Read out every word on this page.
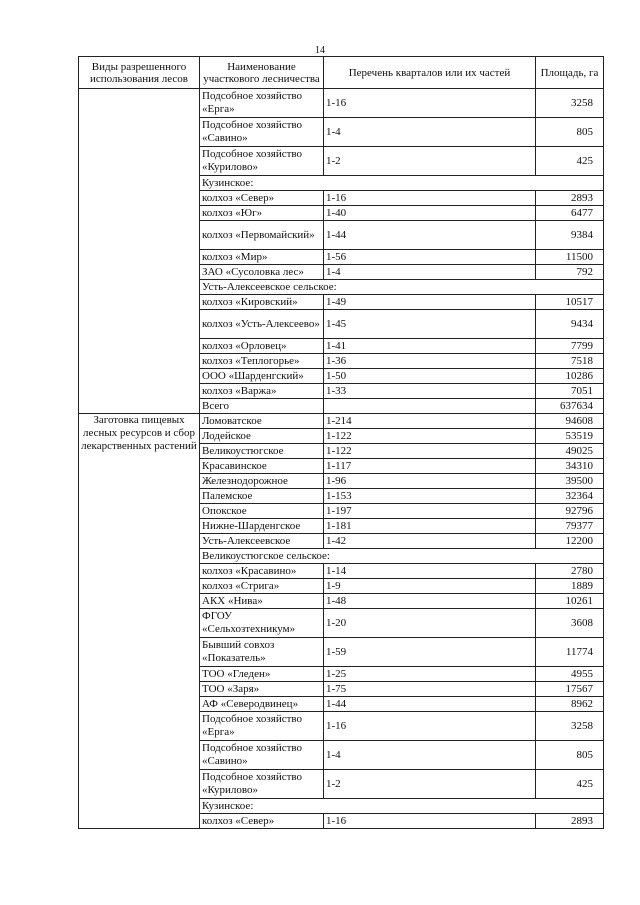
14
Виды разрешенного использования лесов	Наименование участкового лесничества	Перечень кварталов или их частей	Площадь, га
	Подсобное хозяйство «Ерга»	1-16	3258
	Подсобное хозяйство «Савино»	1-4	805
	Подсобное хозяйство «Курилово»	1-2	425
	Кузинское:		
	колхоз «Север»	1-16	2893
	колхоз «Юг»	1-40	6477
	колхоз «Первомайский»	1-44	9384
	колхоз «Мир»	1-56	11500
	ЗАО «Сусоловка лес»	1-4	792
	Усть-Алексеевское сельское:		
	колхоз «Кировский»	1-49	10517
	колхоз «Усть-Алексеево»	1-45	9434
	колхоз «Орловец»	1-41	7799
	колхоз «Теплогорье»	1-36	7518
	ООО «Шарденгский»	1-50	10286
	колхоз «Варжа»	1-33	7051
	Всего		637634
Заготовка пищевых лесных ресурсов и сбор лекарственных растений	Ломоватское	1-214	94608
	Лодейское	1-122	53519
	Великоустюгское	1-122	49025
	Красавинское	1-117	34310
	Железнодорожное	1-96	39500
	Палемское	1-153	32364
	Опокское	1-197	92796
	Нижне-Шарденгское	1-181	79377
	Усть-Алексеевское	1-42	12200
	Великоустюгское сельское:		
	колхоз «Красавино»	1-14	2780
	колхоз «Стрига»	1-9	1889
	АКХ «Нива»	1-48	10261
	ФГОУ «Сельхозтехникум»	1-20	3608
	Бывший совхоз «Показатель»	1-59	11774
	ТОО «Гледен»	1-25	4955
	ТОО «Заря»	1-75	17567
	АФ «Северодвинец»	1-44	8962
	Подсобное хозяйство «Ерга»	1-16	3258
	Подсобное хозяйство «Савино»	1-4	805
	Подсобное хозяйство «Курилово»	1-2	425
	Кузинское:		
	колхоз «Север»	1-16	2893
